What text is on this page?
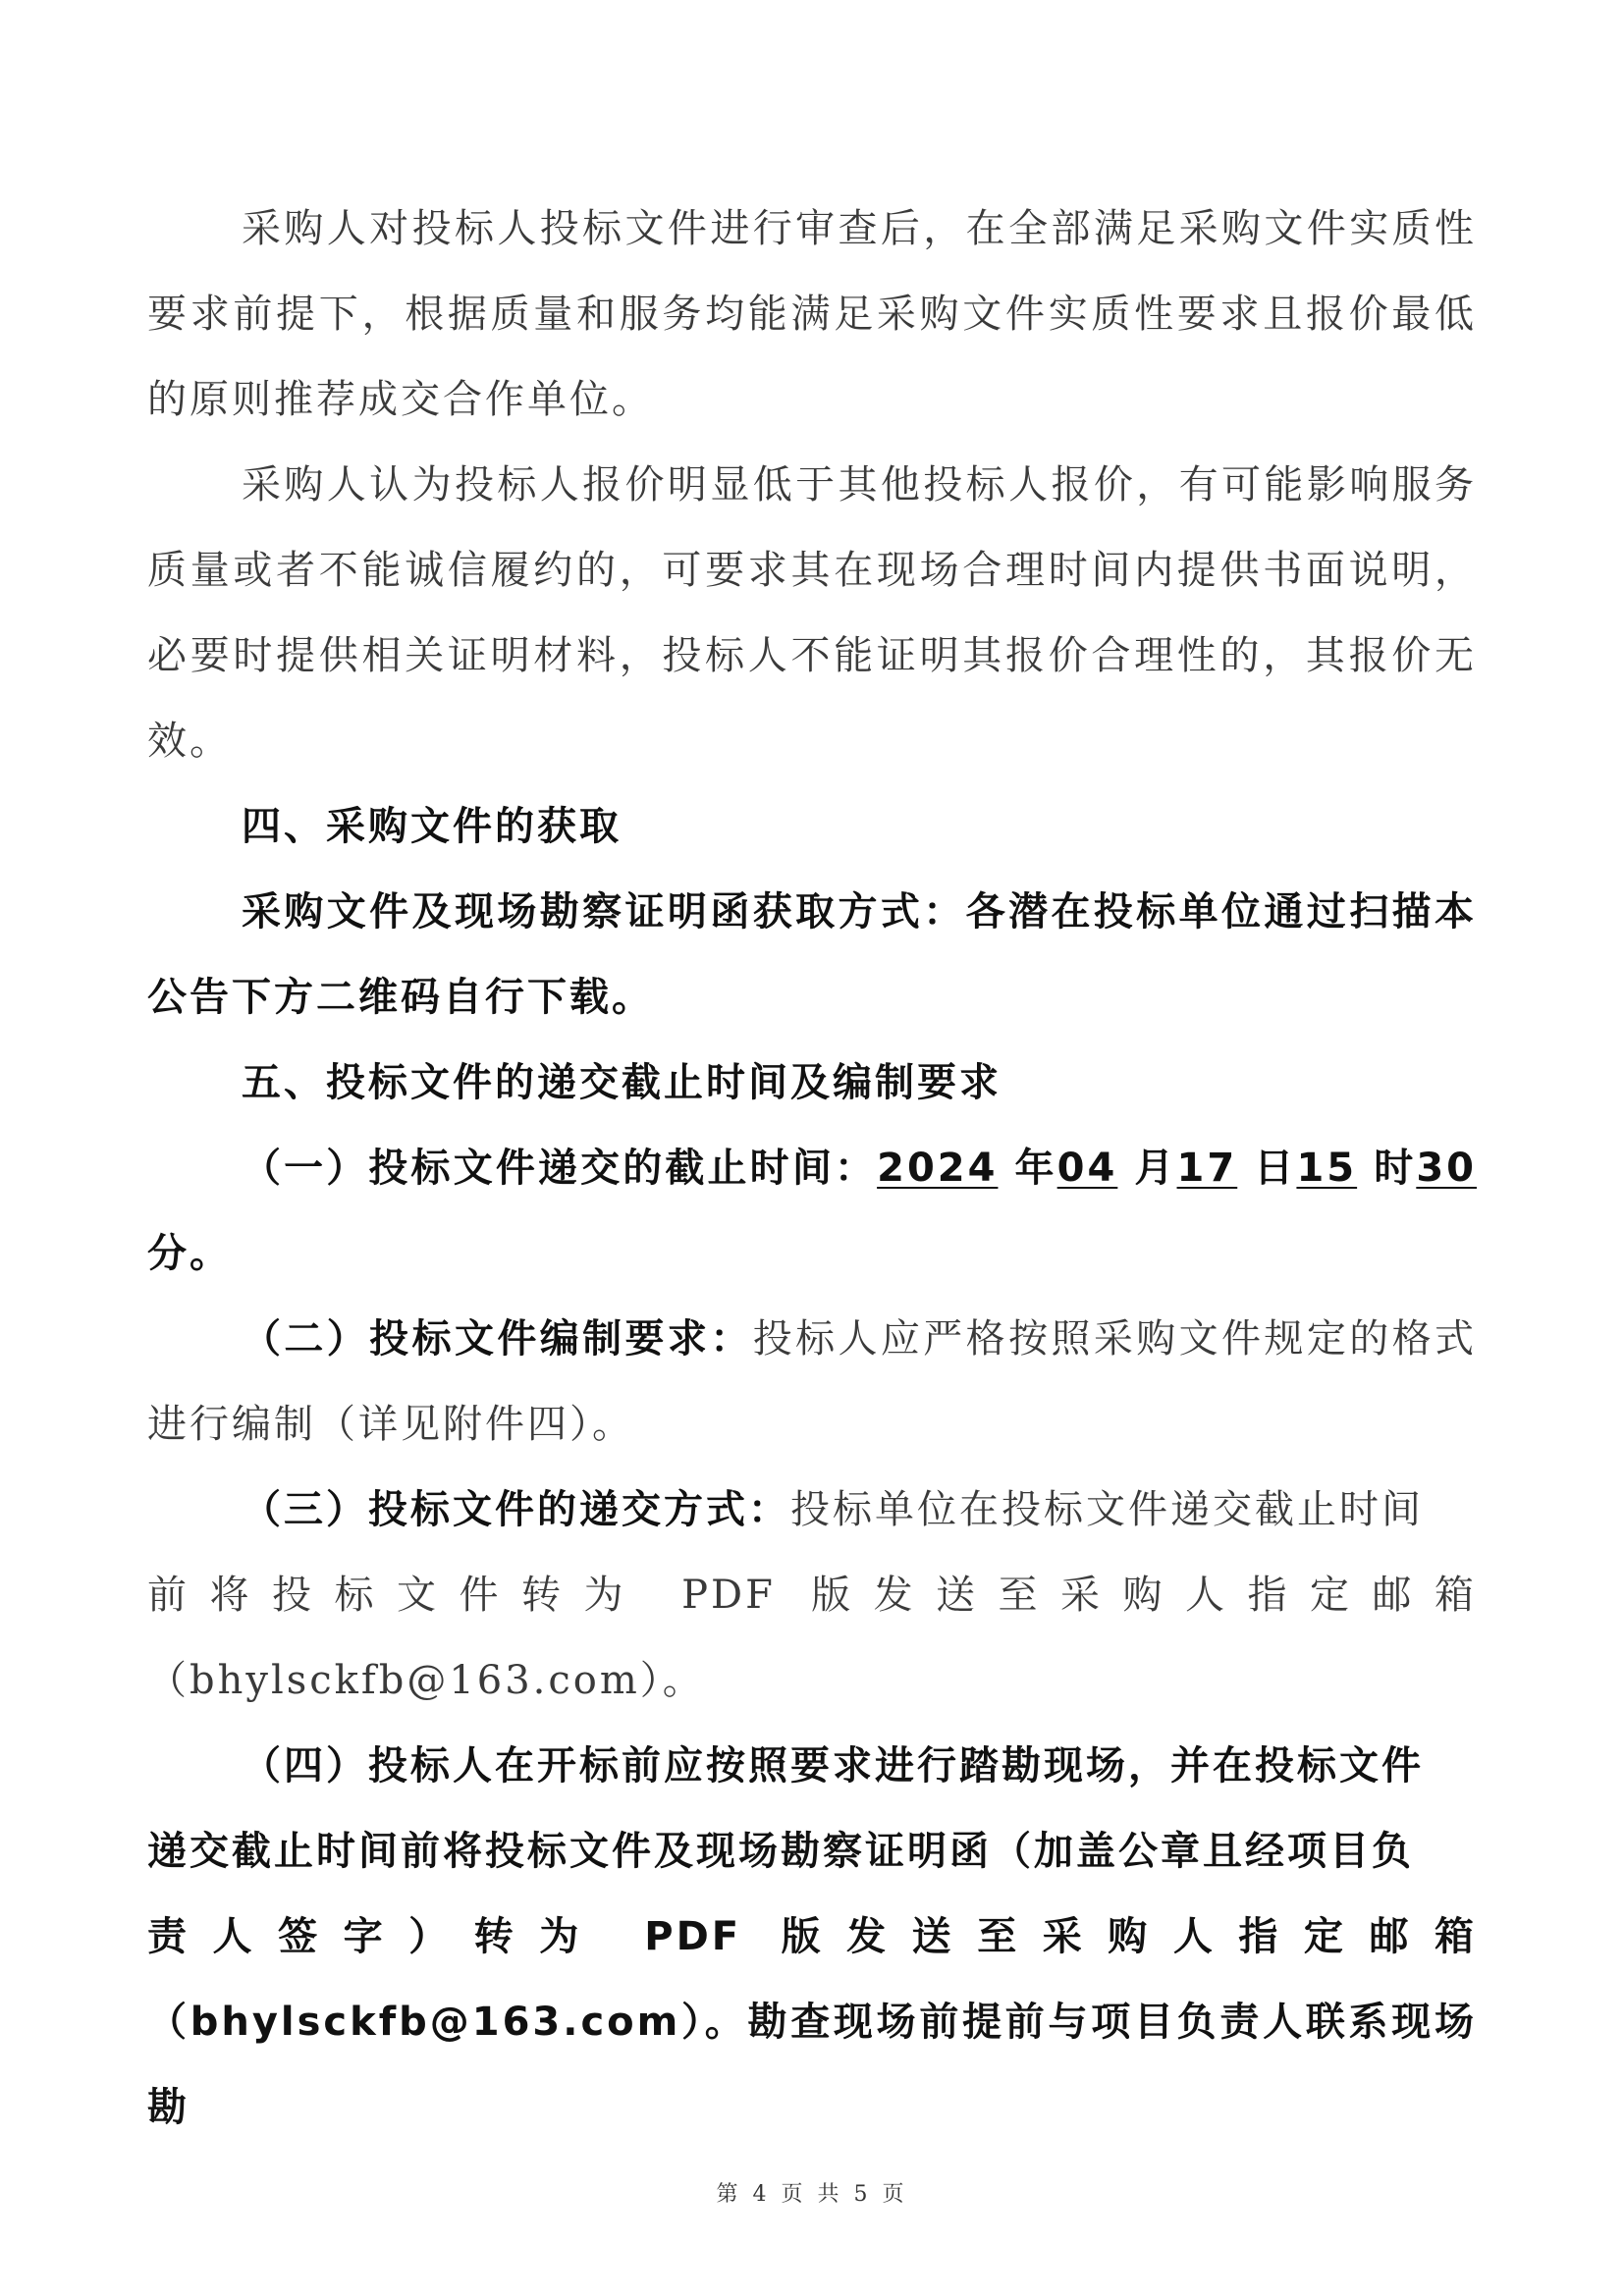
采购人对投标人投标文件进行审查后，在全部满足采购文件实质性要求前提下，根据质量和服务均能满足采购文件实质性要求且报价最低的原则推荐成交合作单位。

采购人认为投标人报价明显低于其他投标人报价，有可能影响服务质量或者不能诚信履约的，可要求其在现场合理时间内提供书面说明，必要时提供相关证明材料，投标人不能证明其报价合理性的，其报价无效。

四、采购文件的获取

采购文件及现场勘察证明函获取方式：各潜在投标单位通过扫描本公告下方二维码自行下载。

五、投标文件的递交截止时间及编制要求

（一）投标文件递交的截止时间：2024 年04 月17 日15 时30分。

（二）投标文件编制要求：投标人应严格按照采购文件规定的格式进行编制（详见附件四）。

（三）投标文件的递交方式：投标单位在投标文件递交截止时间

前将投标文件转为 PDF 版发送至采购人指定邮箱

（bhylsckfb@163.com）。

（四）投标人在开标前应按照要求进行踏勘现场，并在投标文件

递交截止时间前将投标文件及现场勘察证明函（加盖公章且经项目负

责人签字）转为 PDF 版发送至采购人指定邮箱

（bhylsckfb@163.com）。勘查现场前提前与项目负责人联系现场勘

第 4 页 共 5 页
